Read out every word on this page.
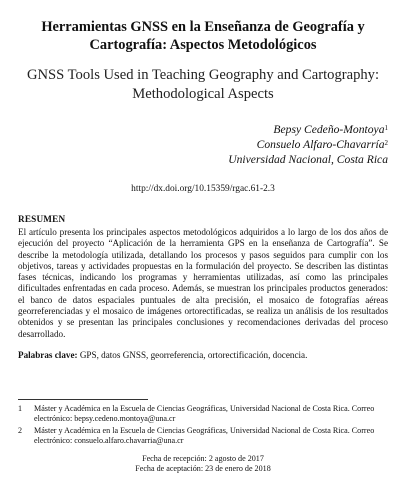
Herramientas GNSS en la Enseñanza de Geografía y Cartografía: Aspectos Metodológicos
GNSS Tools Used in Teaching Geography and Cartography: Methodological Aspects
Bepsy Cedeño-Montoya$^1$
Consuelo Alfaro-Chavarría$^2$
Universidad Nacional, Costa Rica
http://dx.doi.org/10.15359/rgac.61-2.3
RESUMEN

El artículo presenta los principales aspectos metodológicos adquiridos a lo largo de los dos años de ejecución del proyecto “Aplicación de la herramienta GPS en la enseñanza de Cartografía”. Se describe la metodología utilizada, detallando los procesos y pasos seguidos para cumplir con los objetivos, tareas y actividades propuestas en la formulación del proyecto. Se describen las distintas fases técnicas, indicando los programas y herramientas utilizadas, así como las principales dificultades enfrentadas en cada proceso. Además, se muestran los principales productos generados: el banco de datos espaciales puntuales de alta precisión, el mosaico de fotografías aéreas georreferenciadas y el mosaico de imágenes ortorectificadas, se realiza un análisis de los resultados obtenidos y se presentan las principales conclusiones y recomendaciones derivadas del proceso desarrollado.

Palabras clave: GPS, datos GNSS, georreferencia, ortorectificación, docencia.
1	Máster y Académica en la Escuela de Ciencias Geográficas, Universidad Nacional de Costa Rica. Correo electrónico: bepsy.cedeno.montoya@una.cr
2	Máster y Académica en la Escuela de Ciencias Geográficas, Universidad Nacional de Costa Rica. Correo electrónico: consuelo.alfaro.chavarria@una.cr
Fecha de recepción: 2 agosto de 2017
Fecha de aceptación: 23 de enero de 2018
